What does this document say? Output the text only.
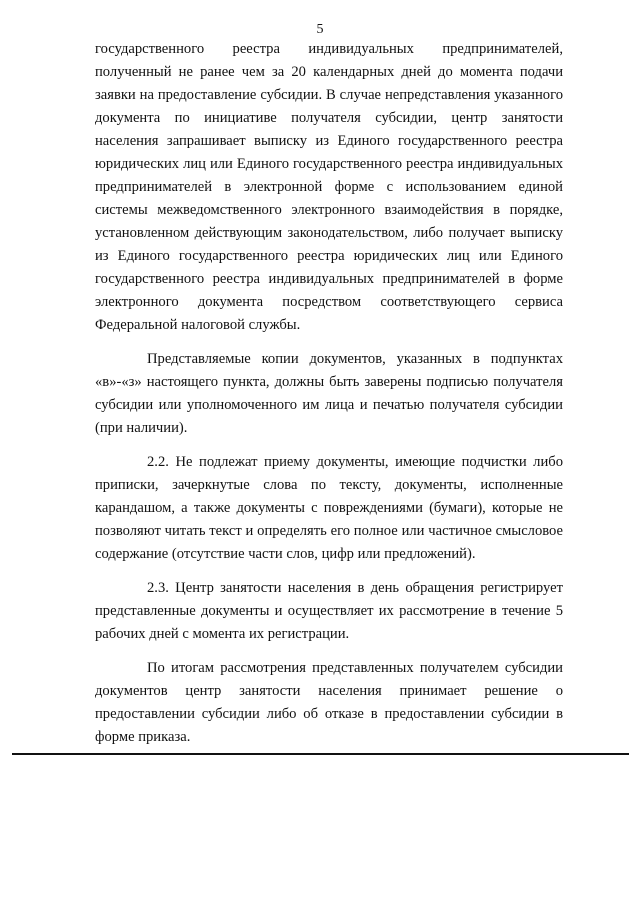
5

государственного реестра индивидуальных предпринимателей, полученный не ранее чем за 20 календарных дней до момента подачи заявки на предоставление субсидии. В случае непредставления указанного документа по инициативе получателя субсидии, центр занятости населения запрашивает выписку из Единого государственного реестра юридических лиц или Единого государственного реестра индивидуальных предпринимателей в электронной форме с использованием единой системы межведомственного электронного взаимодействия в порядке, установленном действующим законодательством, либо получает выписку из Единого государственного реестра юридических лиц или Единого государственного реестра индивидуальных предпринимателей в форме электронного документа посредством соответствующего сервиса Федеральной налоговой службы.

Представляемые копии документов, указанных в подпунктах «в»-«з» настоящего пункта, должны быть заверены подписью получателя субсидии или уполномоченного им лица и печатью получателя субсидии (при наличии).

2.2. Не подлежат приему документы, имеющие подчистки либо приписки, зачеркнутые слова по тексту, документы, исполненные карандашом, а также документы с повреждениями (бумаги), которые не позволяют читать текст и определять его полное или частичное смысловое содержание (отсутствие части слов, цифр или предложений).

2.3. Центр занятости населения в день обращения регистрирует представленные документы и осуществляет их рассмотрение в течение 5 рабочих дней с момента их регистрации.

По итогам рассмотрения представленных получателем субсидии документов центр занятости населения принимает решение о предоставлении субсидии либо об отказе в предоставлении субсидии в форме приказа.
